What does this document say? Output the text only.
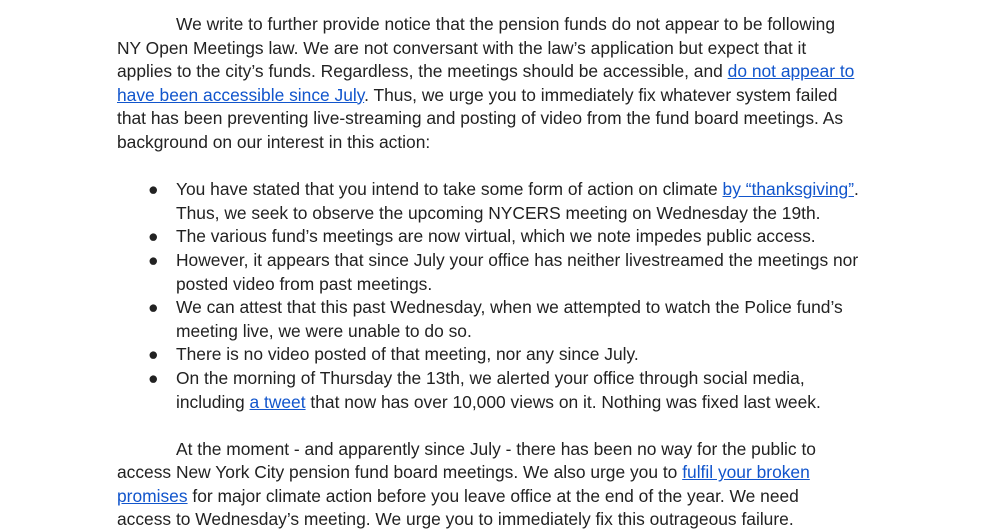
We write to further provide notice that the pension funds do not appear to be following
NY Open Meetings law. We are not conversant with the law’s application but expect that it
applies to the city’s funds. Regardless, the meetings should be accessible, and do not appear to
have been accessible since July. Thus, we urge you to immediately fix whatever system failed
that has been preventing live-streaming and posting of video from the fund board meetings. As
background on our interest in this action:
● You have stated that you intend to take some form of action on climate by “thanksgiving”.
Thus, we seek to observe the upcoming NYCERS meeting on Wednesday the 19th.
● The various fund’s meetings are now virtual, which we note impedes public access.
● However, it appears that since July your office has neither livestreamed the meetings nor
posted video from past meetings.
● We can attest that this past Wednesday, when we attempted to watch the Police fund’s
meeting live, we were unable to do so.
● There is no video posted of that meeting, nor any since July.
● On the morning of Thursday the 13th, we alerted your office through social media,
including a tweet that now has over 10,000 views on it. Nothing was fixed last week.
At the moment - and apparently since July - there has been no way for the public to
access New York City pension fund board meetings. We also urge you to fulfil your broken
promises for major climate action before you leave office at the end of the year. We need
access to Wednesday’s meeting. We urge you to immediately fix this outrageous failure.
